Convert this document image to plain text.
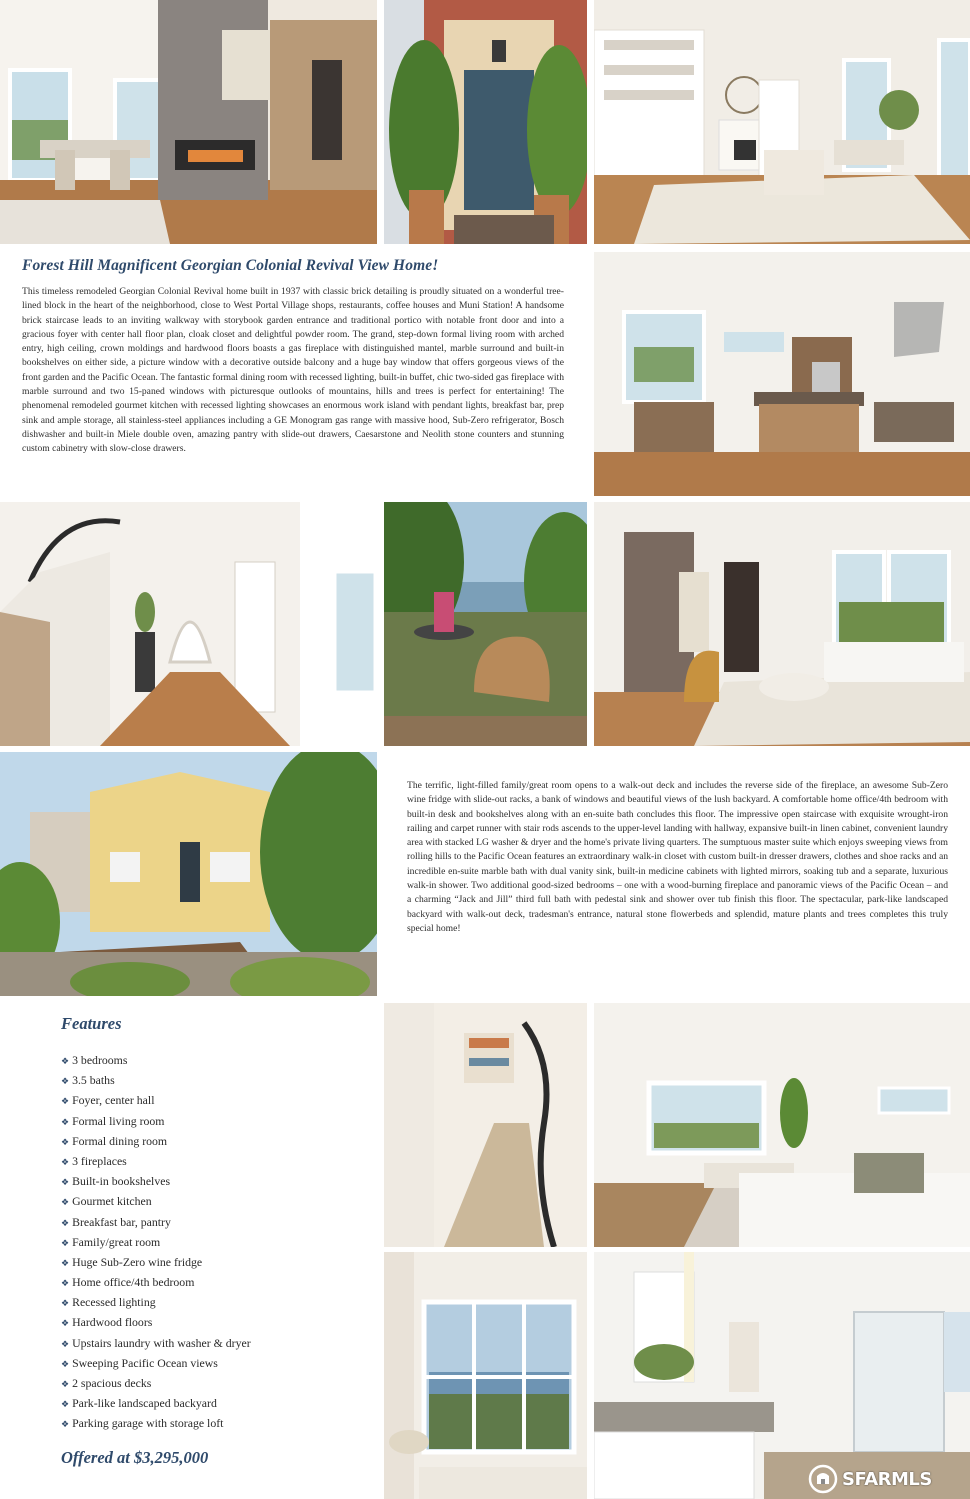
Forest Hill Magnificent Georgian Colonial Revival View Home!
This timeless remodeled Georgian Colonial Revival home built in 1937 with classic brick detailing is proudly situated on a wonderful tree-lined block in the heart of the neighborhood, close to West Portal Village shops, restaurants, coffee houses and Muni Station! A handsome brick staircase leads to an inviting walkway with storybook garden entrance and traditional portico with notable front door and into a gracious foyer with center hall floor plan, cloak closet and delightful powder room. The grand, step-down formal living room with arched entry, high ceiling, crown moldings and hardwood floors boasts a gas fireplace with distinguished mantel, marble surround and built-in bookshelves on either side, a picture window with a decorative outside balcony and a huge bay window that offers gorgeous views of the front garden and the Pacific Ocean. The fantastic formal dining room with recessed lighting, built-in buffet, chic two-sided gas fireplace with marble surround and two 15-paned windows with picturesque outlooks of mountains, hills and trees is perfect for entertaining! The phenomenal remodeled gourmet kitchen with recessed lighting showcases an enormous work island with pendant lights, breakfast bar, prep sink and ample storage, all stainless-steel appliances including a GE Monogram gas range with massive hood, Sub-Zero refrigerator, Bosch dishwasher and built-in Miele double oven, amazing pantry with slide-out drawers, Caesarstone and Neolith stone counters and stunning custom cabinetry with slow-close drawers.
The terrific, light-filled family/great room opens to a walk-out deck and includes the reverse side of the fireplace, an awesome Sub-Zero wine fridge with slide-out racks, a bank of windows and beautiful views of the lush backyard. A comfortable home office/4th bedroom with built-in desk and bookshelves along with an en-suite bath concludes this floor. The impressive open staircase with exquisite wrought-iron railing and carpet runner with stair rods ascends to the upper-level landing with hallway, expansive built-in linen cabinet, convenient laundry area with stacked LG washer & dryer and the home's private living quarters. The sumptuous master suite which enjoys sweeping views from rolling hills to the Pacific Ocean features an extraordinary walk-in closet with custom built-in dresser drawers, clothes and shoe racks and an incredible en-suite marble bath with dual vanity sink, built-in medicine cabinets with lighted mirrors, soaking tub and a separate, luxurious walk-in shower. Two additional good-sized bedrooms – one with a wood-burning fireplace and panoramic views of the Pacific Ocean – and a charming “Jack and Jill” third full bath with pedestal sink and shower over tub finish this floor. The spectacular, park-like landscaped backyard with walk-out deck, tradesman's entrance, natural stone flowerbeds and splendid, mature plants and trees completes this truly special home!
Features
❖ 3 bedrooms
❖ 3.5 baths
❖ Foyer, center hall
❖ Formal living room
❖ Formal dining room
❖ 3 fireplaces
❖ Built-in bookshelves
❖ Gourmet kitchen
❖ Breakfast bar, pantry
❖ Family/great room
❖ Huge Sub-Zero wine fridge
❖ Home office/4th bedroom
❖ Recessed lighting
❖ Hardwood floors
❖ Upstairs laundry with washer & dryer
❖ Sweeping Pacific Ocean views
❖ 2 spacious decks
❖ Park-like landscaped backyard
❖ Parking garage with storage loft
Offered at $3,295,000
SFARMLS
